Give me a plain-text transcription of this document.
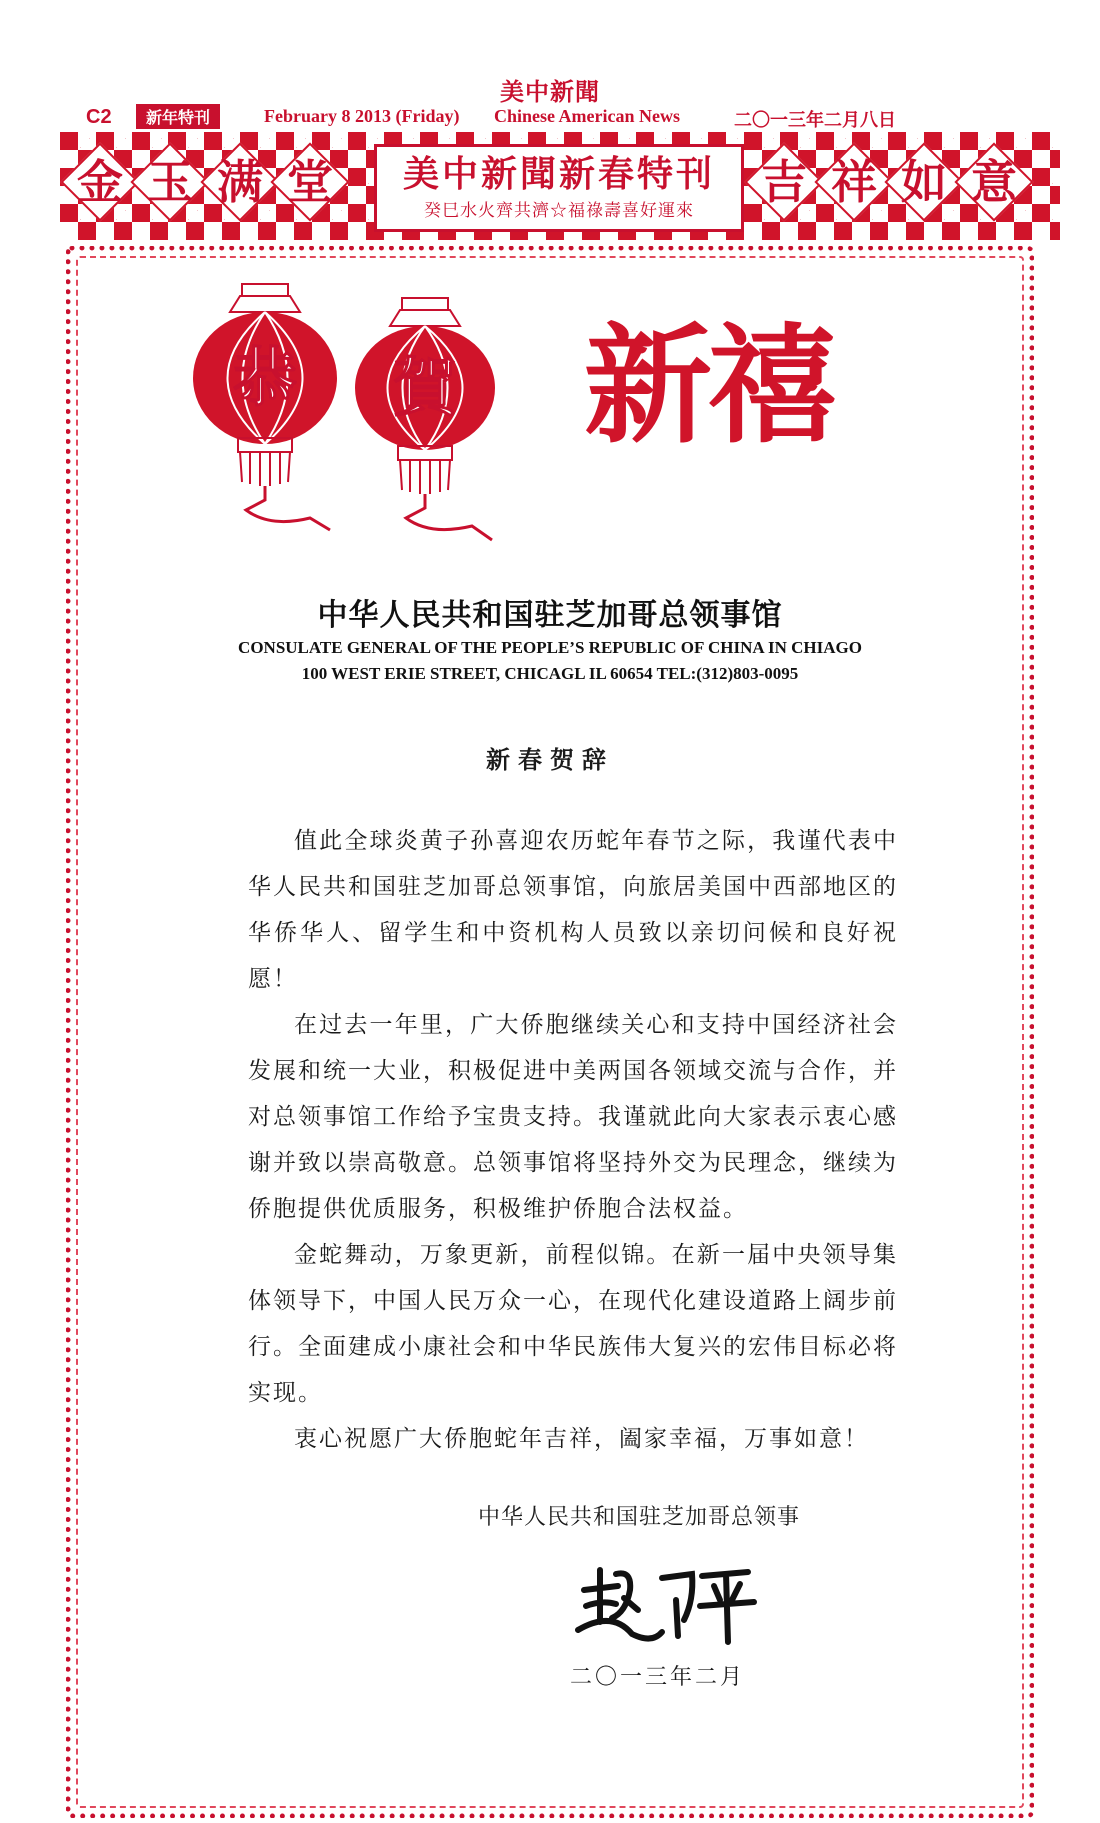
美中新聞
C2	新年特刊	February 8 2013 (Friday) Chinese American News	二〇一三年二月八日
金 玉 满 堂	美中新聞新春特刊
癸巳水火齊共濟☆福祿壽喜好運來
吉 祥 如 意
恭 賀 新禧
中华人民共和国驻芝加哥总领事馆
CONSULATE GENERAL OF THE PEOPLE’S REPUBLIC OF CHINA IN CHIAGO
100 WEST ERIE STREET, CHICAGL IL 60654 TEL:(312)803-0095
新春贺辞

值此全球炎黄子孙喜迎农历蛇年春节之际，我谨代表中华人民共和国驻芝加哥总领事馆，向旅居美国中西部地区的华侨华人、留学生和中资机构人员致以亲切问候和良好祝愿！

在过去一年里，广大侨胞继续关心和支持中国经济社会发展和统一大业，积极促进中美两国各领域交流与合作，并对总领事馆工作给予宝贵支持。我谨就此向大家表示衷心感谢并致以崇高敬意。总领事馆将坚持外交为民理念，继续为侨胞提供优质服务，积极维护侨胞合法权益。

金蛇舞动，万象更新，前程似锦。在新一届中央领导集体领导下，中国人民万众一心，在现代化建设道路上阔步前行。全面建成小康社会和中华民族伟大复兴的宏伟目标必将实现。

衷心祝愿广大侨胞蛇年吉祥，阖家幸福，万事如意！

中华人民共和国驻芝加哥总领事
二〇一三年二月
